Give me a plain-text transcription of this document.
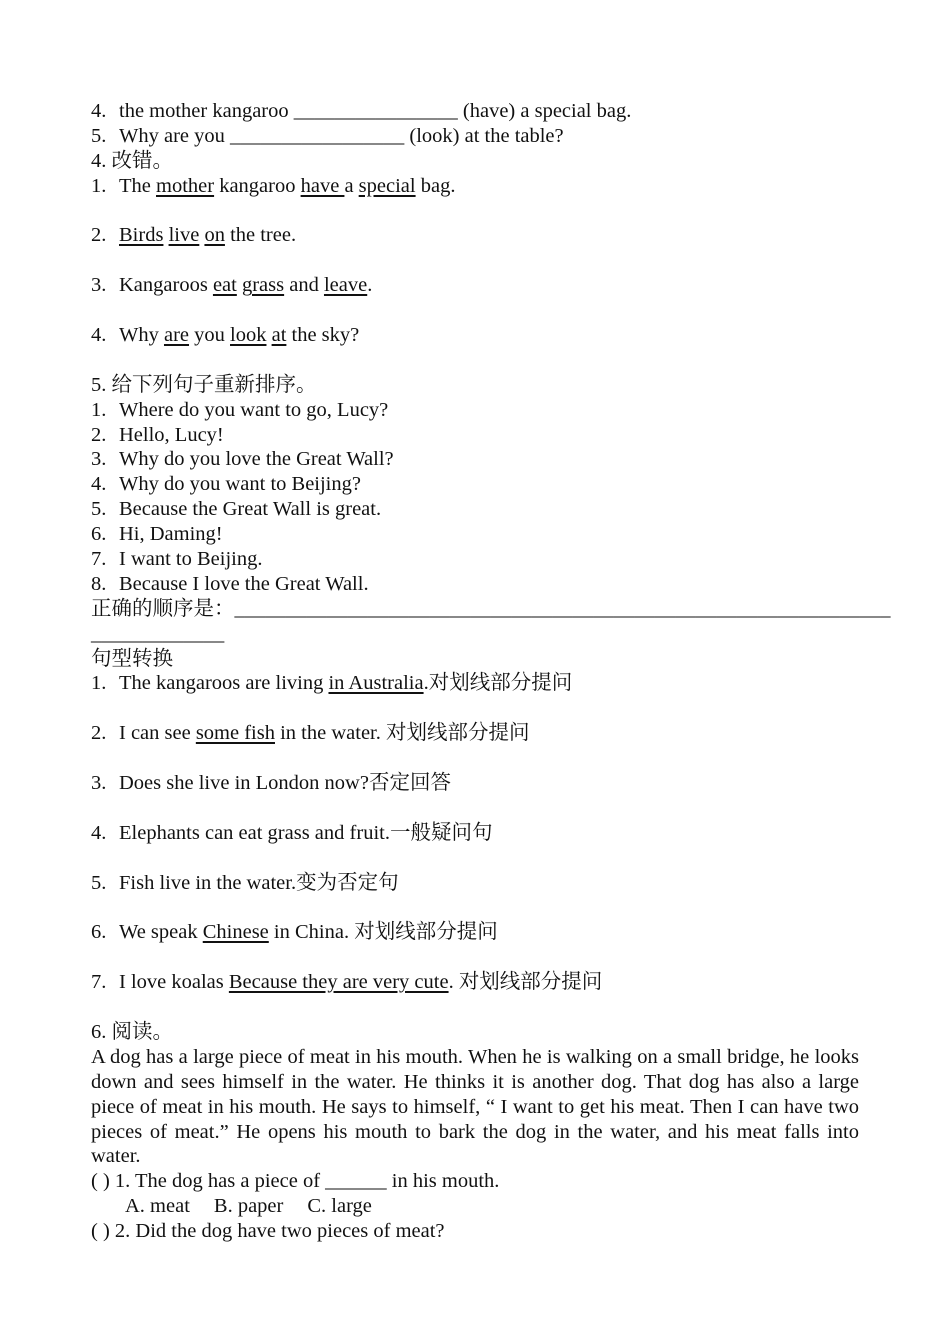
4. the mother kangaroo ________________ (have) a special bag.
5. Why are you _________________ (look) at the table?
4. 改错。
1. The mother kangaroo have a special bag.
2. Birds live on the tree.
3. Kangaroos eat grass and leave.
4. Why are you look at the sky?
5. 给下列句子重新排序。
1. Where do you want to go, Lucy?
2. Hello, Lucy!
3. Why do you love the Great Wall?
4. Why do you want to Beijing?
5. Because the Great Wall is great.
6. Hi, Daming!
7. I want to Beijing.
8. Because I love the Great Wall.
正确的顺序是：________________________________________________________________
_____________
句型转换
1. The kangaroos are living in Australia.对划线部分提问
2. I can see some fish in the water. 对划线部分提问
3. Does she live in London now?否定回答
4. Elephants can eat grass and fruit.一般疑问句
5. Fish live in the water.变为否定句
6. We speak Chinese in China. 对划线部分提问
7. I love koalas Because they are very cute. 对划线部分提问
6. 阅读。
A dog has a large piece of meat in his mouth. When he is walking on a small bridge, he looks down and sees himself in the water. He thinks it is another dog. That dog has also a large piece of meat in his mouth. He says to himself, “ I want to get his meat. Then I can have two pieces of meat.” He opens his mouth to bark the dog in the water, and his meat falls into water.
( ) 1. The dog has a piece of ______ in his mouth.
A. meat B. paper C. large
( ) 2. Did the dog have two pieces of meat?
